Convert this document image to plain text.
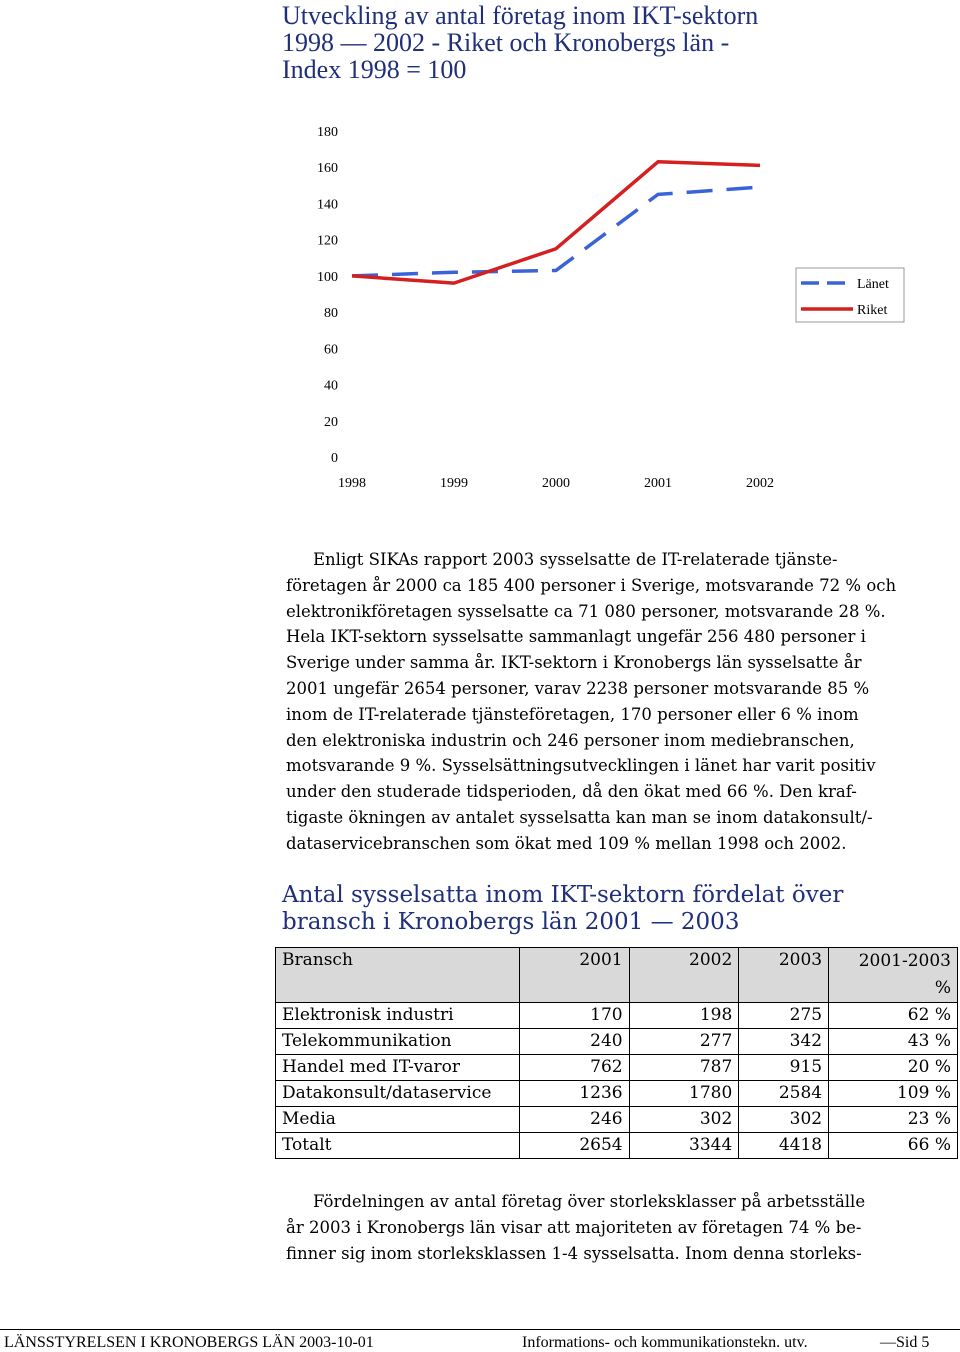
Utveckling av antal företag inom IKT-sektorn
1998 — 2002 - Riket och Kronobergs län -
Index 1998 = 100
0
20
40
60
80
100
120
140
160
180
1998	1999	2000	2001	2002
Länet
Riket
Enligt SIKAs rapport 2003 sysselsatte de IT-relaterade tjänste-
företagen år 2000 ca 185 400 personer i Sverige, motsvarande 72 % och
elektronikföretagen sysselsatte ca 71 080 personer, motsvarande 28 %.
Hela IKT-sektorn sysselsatte sammanlagt ungefär 256 480 personer i
Sverige under samma år. IKT-sektorn i Kronobergs län sysselsatte år
2001 ungefär 2654 personer, varav 2238 personer motsvarande 85 %
inom de IT-relaterade tjänsteföretagen, 170 personer eller 6 % inom
den elektroniska industrin och 246 personer inom mediebranschen,
motsvarande 9 %. Sysselsättningsutvecklingen i länet har varit positiv
under den studerade tidsperioden, då den ökat med 66 %. Den kraf-
tigaste ökningen av antalet sysselsatta kan man se inom datakonsult/-
dataservicebranschen som ökat med 109 % mellan 1998 och 2002.
Antal sysselsatta inom IKT-sektorn fördelat över
bransch i Kronobergs län 2001 — 2003
Bransch	2001	2002	2003	2001-2003
%

Elektronisk industri	170	198	275	62 %
Telekommunikation	240	277	342	43 %
Handel med IT-varor	762	787	915	20 %
Datakonsult/dataservice	1236	1780	2584	109 %
Media	246	302	302	23 %
Totalt	2654	3344	4418	66 %
Fördelningen av antal företag över storleksklasser på arbetsställe
år 2003 i Kronobergs län visar att majoriteten av företagen 74 % be-
finner sig inom storleksklassen 1-4 sysselsatta. Inom denna storleks-
LÄNSSTYRELSEN I KRONOBERGS LÄN 2003-10-01	Informations- och kommunikationstekn. utv.	—Sid 5
